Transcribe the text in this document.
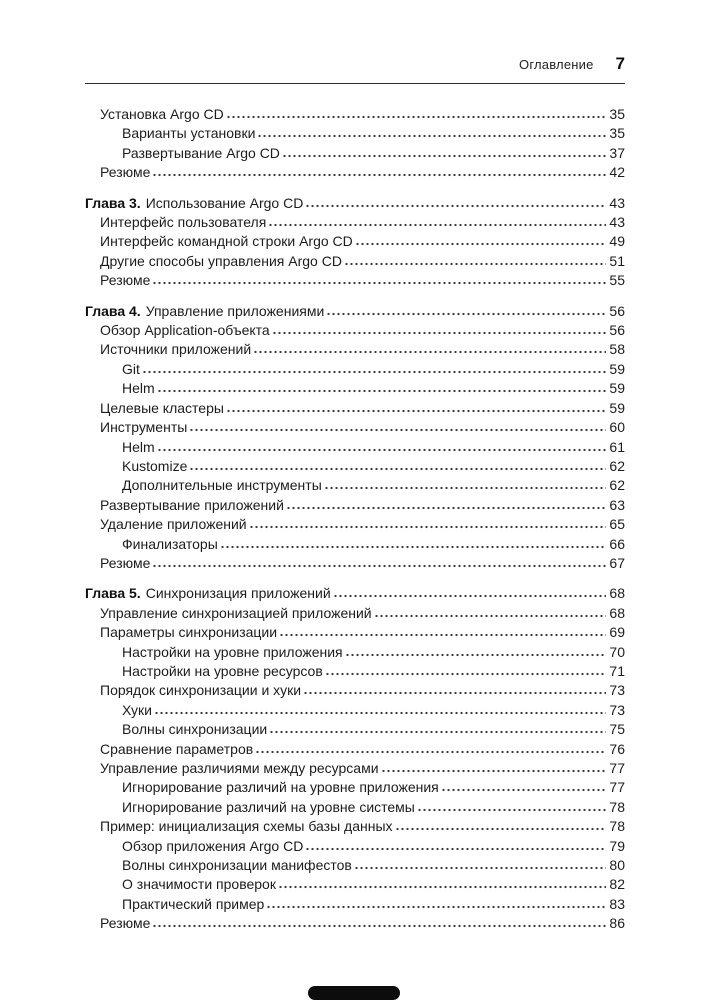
Оглавление 7
Установка Argo CD	35
Варианты установки	35
Развертывание Argo CD	37
Резюме	42
Глава 3. Использование Argo CD	43
Интерфейс пользователя	43
Интерфейс командной строки Argo CD	49
Другие способы управления Argo CD	51
Резюме	55
Глава 4. Управление приложениями	56
Обзор Application-объекта	56
Источники приложений	58
Git	59
Helm	59
Целевые кластеры	59
Инструменты	60
Helm	61
Kustomize	62
Дополнительные инструменты	62
Развертывание приложений	63
Удаление приложений	65
Финализаторы	66
Резюме	67
Глава 5. Синхронизация приложений	68
Управление синхронизацией приложений	68
Параметры синхронизации	69
Настройки на уровне приложения	70
Настройки на уровне ресурсов	71
Порядок синхронизации и хуки	73
Хуки	73
Волны синхронизации	75
Сравнение параметров	76
Управление различиями между ресурсами	77
Игнорирование различий на уровне приложения	77
Игнорирование различий на уровне системы	78
Пример: инициализация схемы базы данных	78
Обзор приложения Argo CD	79
Волны синхронизации манифестов	80
О значимости проверок	82
Практический пример	83
Резюме	86
